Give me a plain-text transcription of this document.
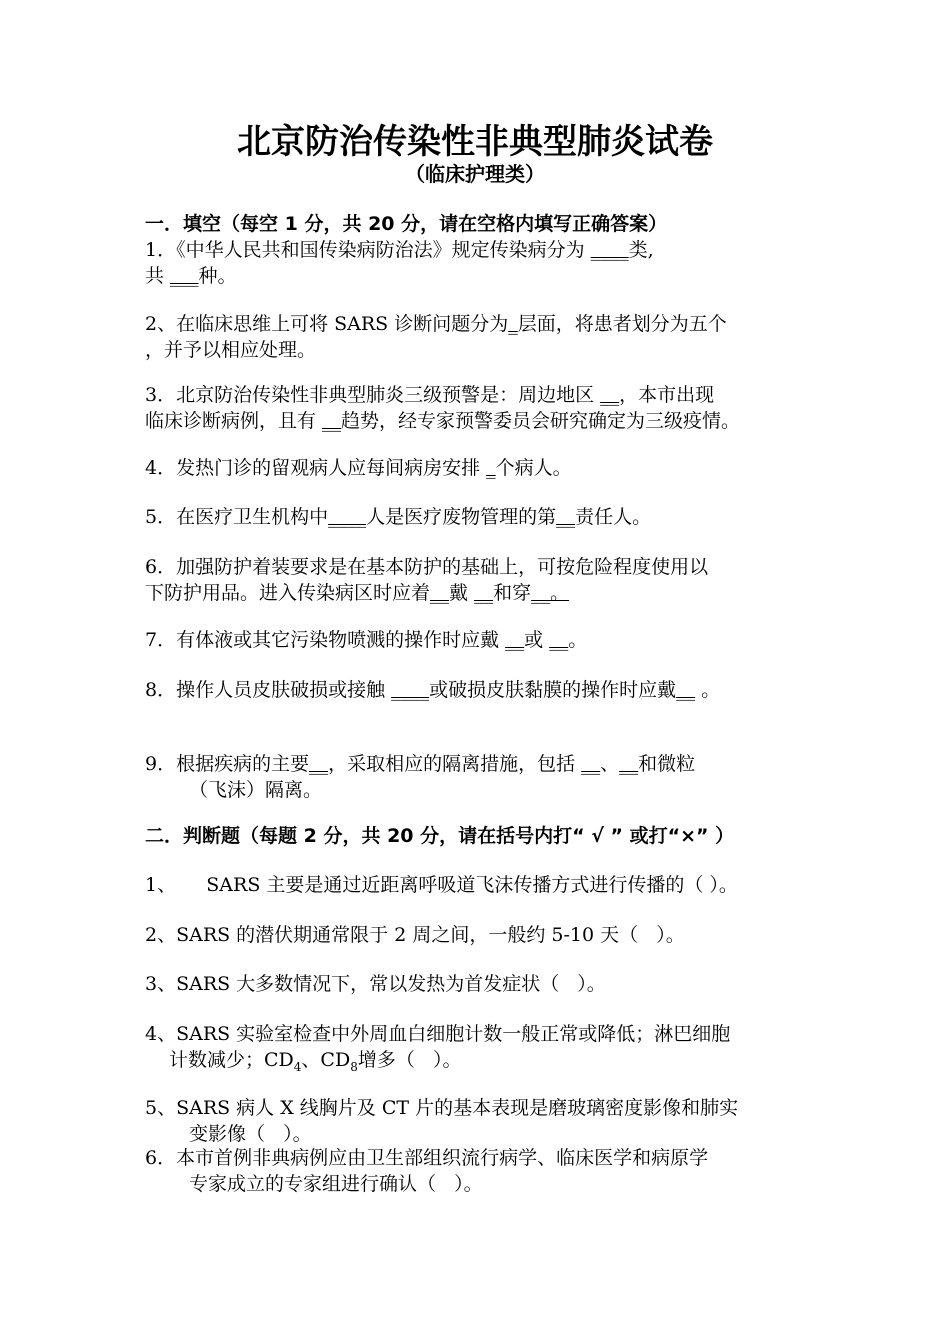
北京防治传染性非典型肺炎试卷
（临床护理类）
一．填空（每空 1 分，共 20 分，请在空格内填写正确答案）
1．《中华人民共和国传染病防治法》规定传染病分为 ____类,
共 ___种。
2、在临床思维上可将 SARS 诊断问题分为_层面，将患者划分为五个
，并予以相应处理。
3．北京防治传染性非典型肺炎三级预警是：周边地区 __，本市出现
临床诊断病例，且有 __趋势，经专家预警委员会研究确定为三级疫情。
4．发热门诊的留观病人应每间病房安排 _个病人。
5．在医疗卫生机构中____人是医疗废物管理的第__责任人。
6．加强防护着装要求是在基本防护的基础上，可按危险程度使用以
下防护用品。进入传染病区时应着__戴 __和穿__。
7．有体液或其它污染物喷溅的操作时应戴 __或 __。
8．操作人员皮肤破损或接触 ____或破损皮肤黏膜的操作时应戴__ 。
9．根据疾病的主要__，采取相应的隔离措施，包括 __、__和微粒
（飞沫）隔离。
二．判断题（每题 2 分，共 20 分，请在括号内打“ √ ” 或打“×” ）
1、     SARS 主要是通过近距离呼吸道飞沫传播方式进行传播的（ ）。
2、SARS 的潜伏期通常限于 2 周之间，一般约 5-10 天（   ）。
3、SARS 大多数情况下，常以发热为首发症状（   ）。
4、SARS 实验室检查中外周血白细胞计数一般正常或降低；淋巴细胞
计数减少；$CD_4$、$CD_8$增多（   ）。
5、SARS 病人 X 线胸片及 CT 片的基本表现是磨玻璃密度影像和肺实
变影像（   ）。
6．本市首例非典病例应由卫生部组织流行病学、临床医学和病原学
专家成立的专家组进行确认（   ）。
